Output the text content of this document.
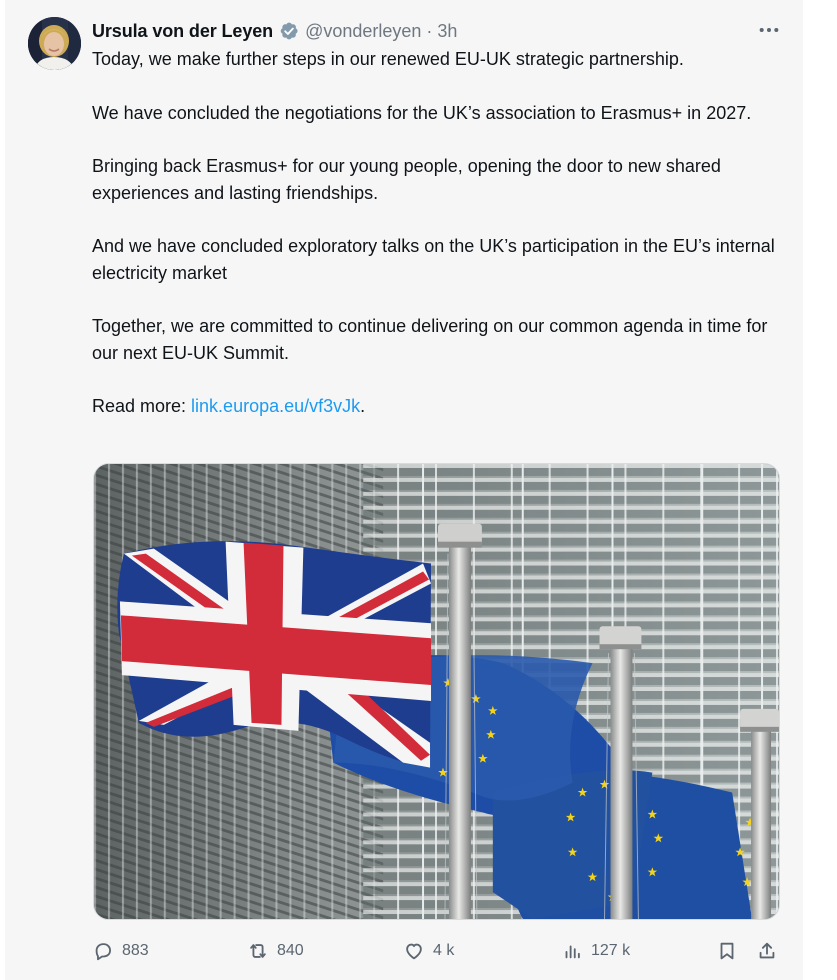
Ursula von der Leyen @vonderleyen · 3h

Today, we make further steps in our renewed EU-UK strategic partnership.

We have concluded the negotiations for the UK’s association to Erasmus+ in 2027.

Bringing back Erasmus+ for our young people, opening the door to new shared experiences and lasting friendships.

And we have concluded exploratory talks on the UK’s participation in the EU’s internal electricity market

Together, we are committed to continue delivering on our common agenda in time for our next EU-UK Summit.

Read more: link.europa.eu/vf3vJk.

883	840	4 k	127 k
